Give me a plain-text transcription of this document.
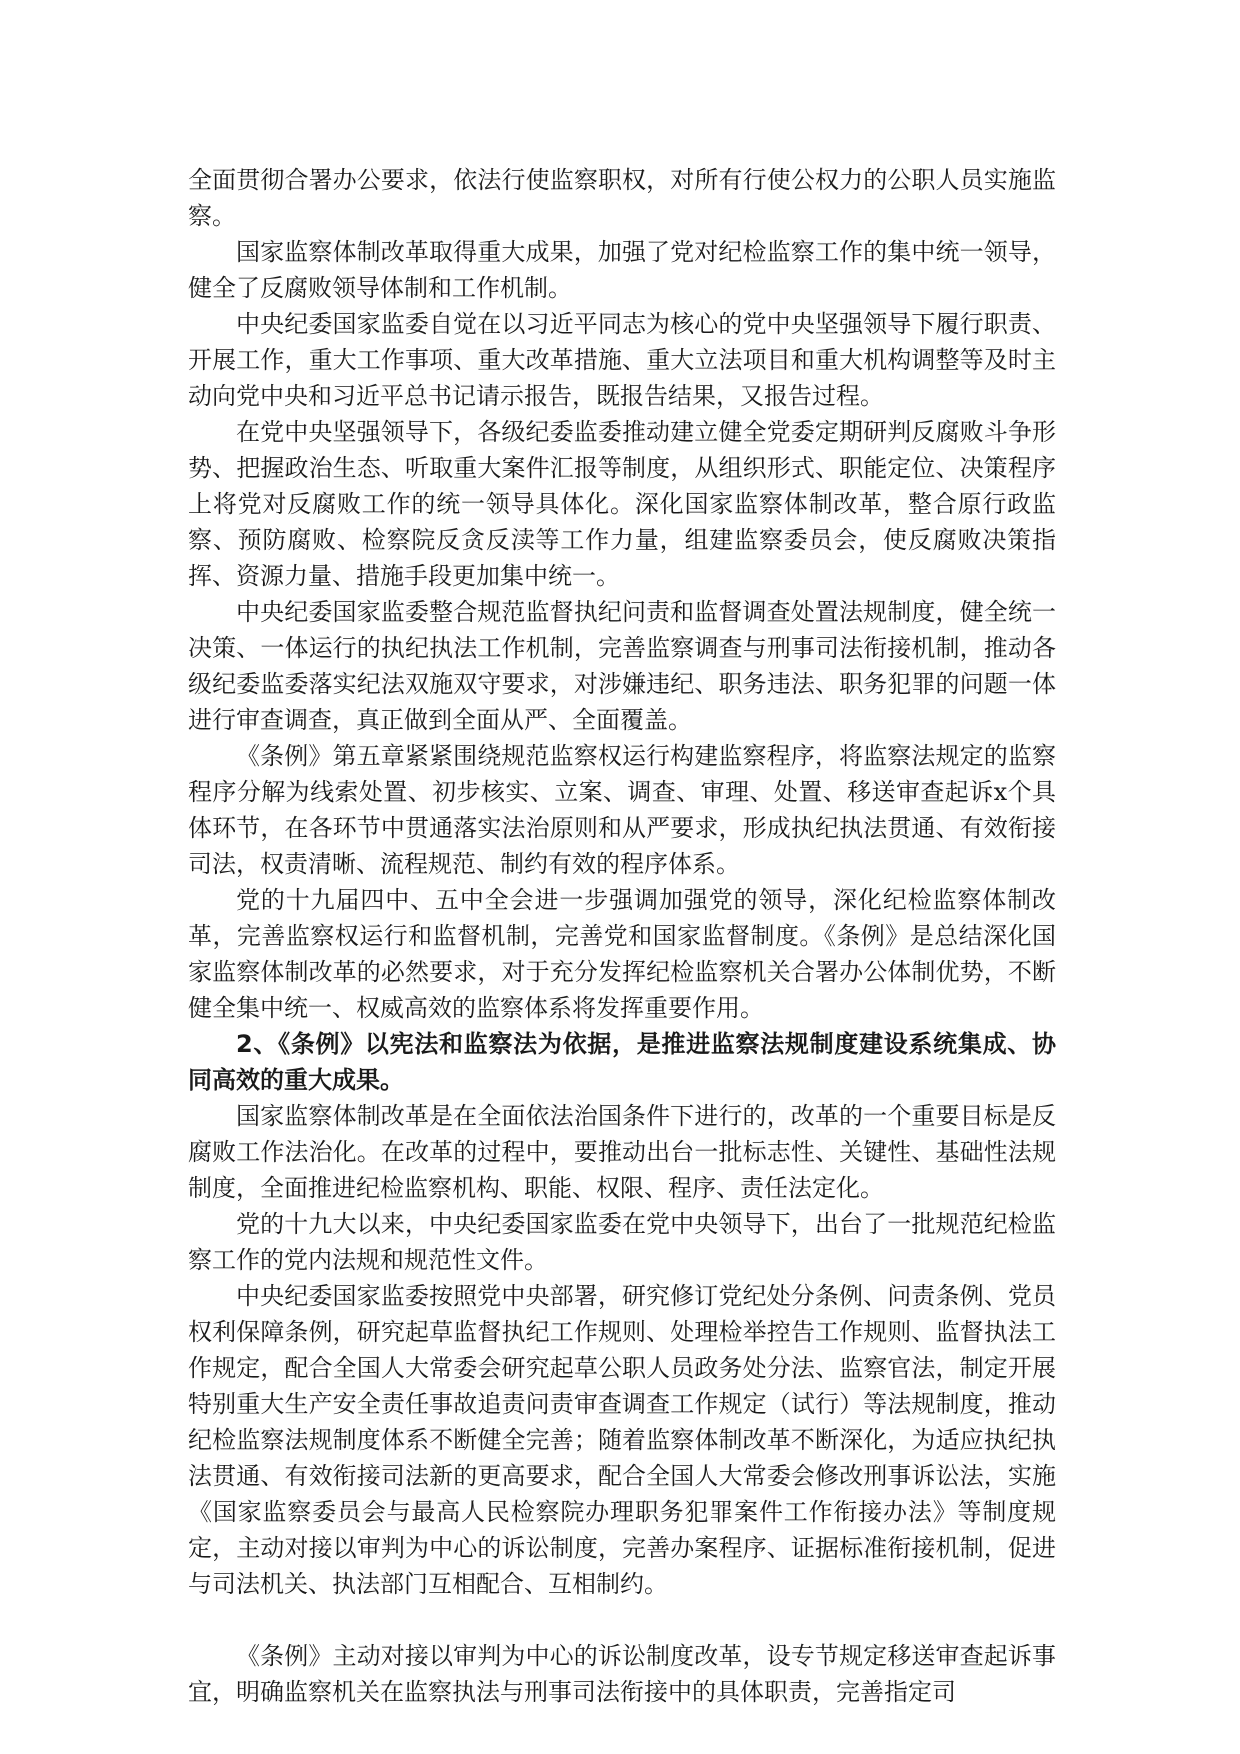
全面贯彻合署办公要求，依法行使监察职权，对所有行使公权力的公职人员实施监察。

国家监察体制改革取得重大成果，加强了党对纪检监察工作的集中统一领导，健全了反腐败领导体制和工作机制。

中央纪委国家监委自觉在以习近平同志为核心的党中央坚强领导下履行职责、开展工作，重大工作事项、重大改革措施、重大立法项目和重大机构调整等及时主动向党中央和习近平总书记请示报告，既报告结果，又报告过程。

在党中央坚强领导下，各级纪委监委推动建立健全党委定期研判反腐败斗争形势、把握政治生态、听取重大案件汇报等制度，从组织形式、职能定位、决策程序上将党对反腐败工作的统一领导具体化。深化国家监察体制改革，整合原行政监察、预防腐败、检察院反贪反渎等工作力量，组建监察委员会，使反腐败决策指挥、资源力量、措施手段更加集中统一。

中央纪委国家监委整合规范监督执纪问责和监督调查处置法规制度，健全统一决策、一体运行的执纪执法工作机制，完善监察调查与刑事司法衔接机制，推动各级纪委监委落实纪法双施双守要求，对涉嫌违纪、职务违法、职务犯罪的问题一体进行审查调查，真正做到全面从严、全面覆盖。

《条例》第五章紧紧围绕规范监察权运行构建监察程序，将监察法规定的监察程序分解为线索处置、初步核实、立案、调查、审理、处置、移送审查起诉x个具体环节，在各环节中贯通落实法治原则和从严要求，形成执纪执法贯通、有效衔接司法，权责清晰、流程规范、制约有效的程序体系。

党的十九届四中、五中全会进一步强调加强党的领导，深化纪检监察体制改革，完善监察权运行和监督机制，完善党和国家监督制度。《条例》是总结深化国家监察体制改革的必然要求，对于充分发挥纪检监察机关合署办公体制优势，不断健全集中统一、权威高效的监察体系将发挥重要作用。

2、《条例》以宪法和监察法为依据，是推进监察法规制度建设系统集成、协同高效的重大成果。

国家监察体制改革是在全面依法治国条件下进行的，改革的一个重要目标是反腐败工作法治化。在改革的过程中，要推动出台一批标志性、关键性、基础性法规制度，全面推进纪检监察机构、职能、权限、程序、责任法定化。

党的十九大以来，中央纪委国家监委在党中央领导下，出台了一批规范纪检监察工作的党内法规和规范性文件。

中央纪委国家监委按照党中央部署，研究修订党纪处分条例、问责条例、党员权利保障条例，研究起草监督执纪工作规则、处理检举控告工作规则、监督执法工作规定，配合全国人大常委会研究起草公职人员政务处分法、监察官法，制定开展特别重大生产安全责任事故追责问责审查调查工作规定（试行）等法规制度，推动纪检监察法规制度体系不断健全完善；随着监察体制改革不断深化，为适应执纪执法贯通、有效衔接司法新的更高要求，配合全国人大常委会修改刑事诉讼法，实施《国家监察委员会与最高人民检察院办理职务犯罪案件工作衔接办法》等制度规定，主动对接以审判为中心的诉讼制度，完善办案程序、证据标准衔接机制，促进与司法机关、执法部门互相配合、互相制约。

《条例》主动对接以审判为中心的诉讼制度改革，设专节规定移送审查起诉事宜，明确监察机关在监察执法与刑事司法衔接中的具体职责，完善指定司
